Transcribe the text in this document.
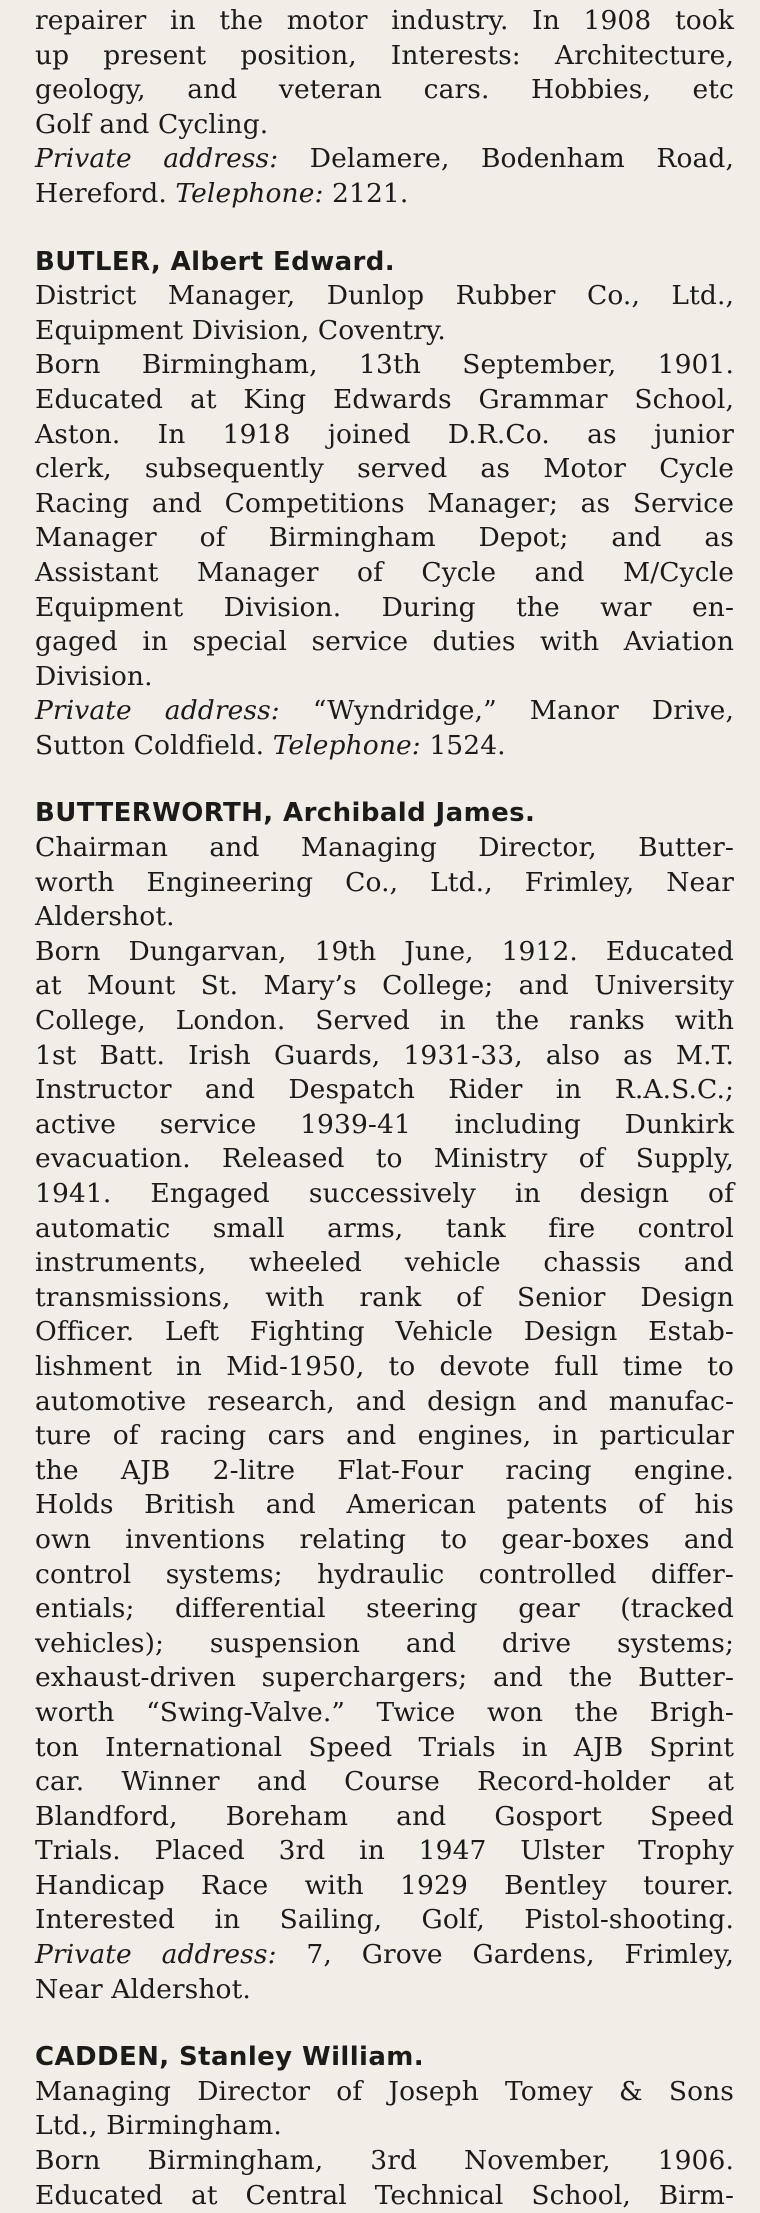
repairer in the motor industry. In 1908 took
up present position, Interests: Architecture,
geology, and veteran cars. Hobbies, etc
Golf and Cycling.
Private address: Delamere, Bodenham Road,
Hereford. Telephone: 2121.
BUTLER, Albert Edward.
District Manager, Dunlop Rubber Co., Ltd.,
Equipment Division, Coventry.
Born Birmingham, 13th September, 1901.
Educated at King Edwards Grammar School,
Aston. In 1918 joined D.R.Co. as junior
clerk, subsequently served as Motor Cycle
Racing and Competitions Manager; as Service
Manager of Birmingham Depot; and as
Assistant Manager of Cycle and M/Cycle
Equipment Division. During the war en-
gaged in special service duties with Aviation
Division.
Private address: “Wyndridge,” Manor Drive,
Sutton Coldfield. Telephone: 1524.
BUTTERWORTH, Archibald James.
Chairman and Managing Director, Butter-
worth Engineering Co., Ltd., Frimley, Near
Aldershot.
Born Dungarvan, 19th June, 1912. Educated
at Mount St. Mary’s College; and University
College, London. Served in the ranks with
1st Batt. Irish Guards, 1931-33, also as M.T.
Instructor and Despatch Rider in R.A.S.C.;
active service 1939-41 including Dunkirk
evacuation. Released to Ministry of Supply,
1941. Engaged successively in design of
automatic small arms, tank fire control
instruments, wheeled vehicle chassis and
transmissions, with rank of Senior Design
Officer. Left Fighting Vehicle Design Estab-
lishment in Mid-1950, to devote full time to
automotive research, and design and manufac-
ture of racing cars and engines, in particular
the AJB 2-litre Flat-Four racing engine.
Holds British and American patents of his
own inventions relating to gear-boxes and
control systems; hydraulic controlled differ-
entials; differential steering gear (tracked
vehicles); suspension and drive systems;
exhaust-driven superchargers; and the Butter-
worth “Swing-Valve.” Twice won the Brigh-
ton International Speed Trials in AJB Sprint
car. Winner and Course Record-holder at
Blandford, Boreham and Gosport Speed
Trials. Placed 3rd in 1947 Ulster Trophy
Handicap Race with 1929 Bentley tourer.
Interested in Sailing, Golf, Pistol-shooting.
Private address: 7, Grove Gardens, Frimley,
Near Aldershot.
CADDEN, Stanley William.
Managing Director of Joseph Tomey & Sons
Ltd., Birmingham.
Born Birmingham, 3rd November, 1906.
Educated at Central Technical School, Birm-
